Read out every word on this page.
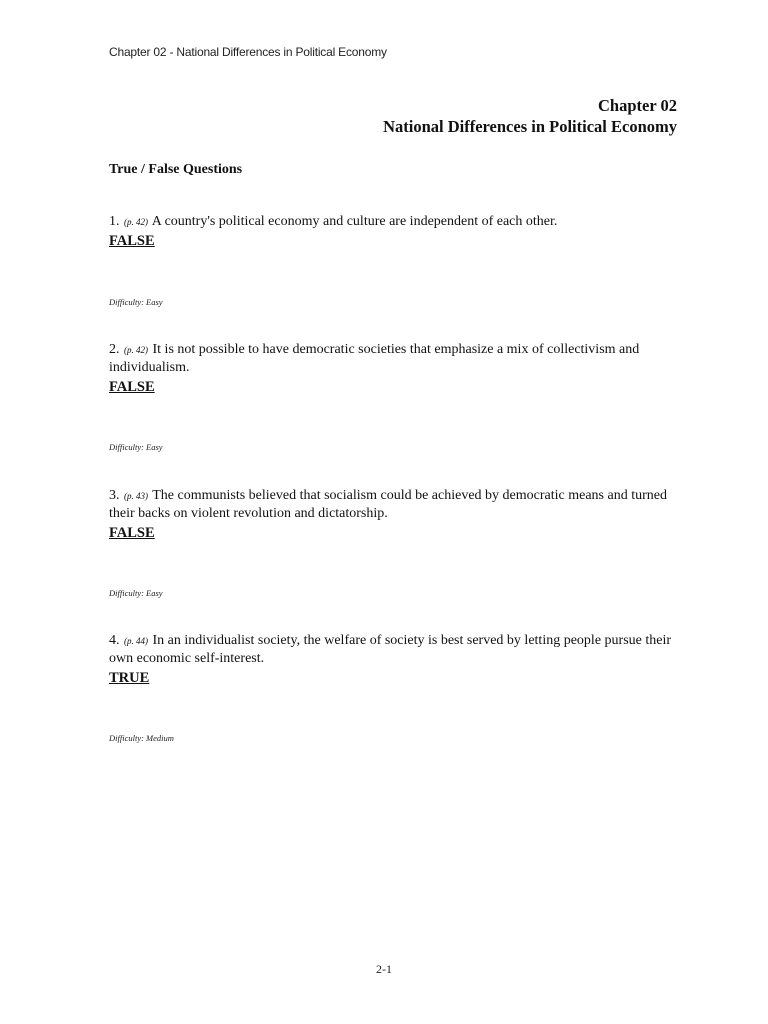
Chapter 02 - National Differences in Political Economy
Chapter 02
National Differences in Political Economy
True / False Questions
1. (p. 42) A country's political economy and culture are independent of each other.
FALSE
Difficulty: Easy
2. (p. 42) It is not possible to have democratic societies that emphasize a mix of collectivism and individualism.
FALSE
Difficulty: Easy
3. (p. 43) The communists believed that socialism could be achieved by democratic means and turned their backs on violent revolution and dictatorship.
FALSE
Difficulty: Easy
4. (p. 44) In an individualist society, the welfare of society is best served by letting people pursue their own economic self-interest.
TRUE
Difficulty: Medium
2-1
